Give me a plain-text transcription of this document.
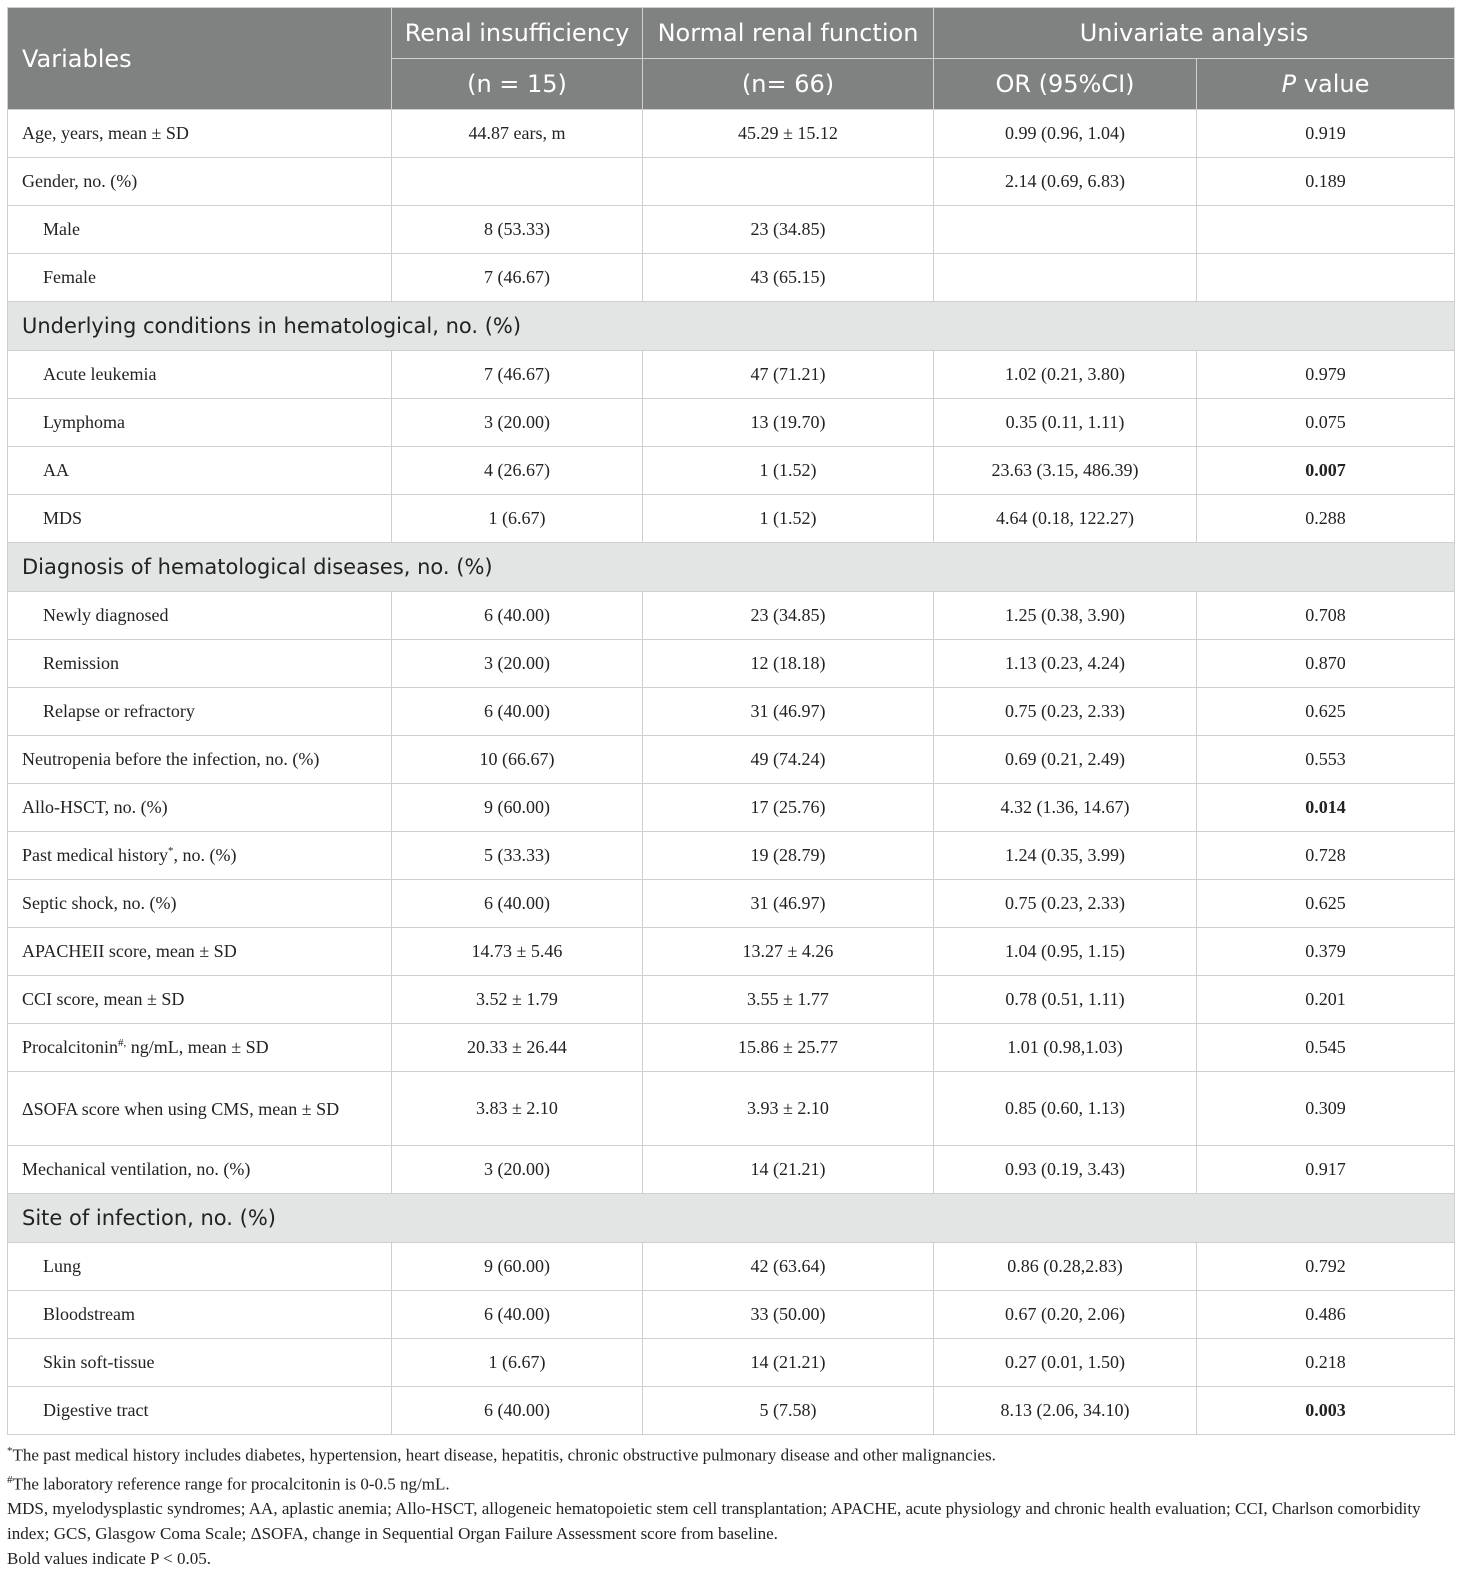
Variables	Renal insufficiency	Normal renal function	Univariate analysis	
	(n = 15)	(n= 66)	OR (95%CI)	P value
Age, years, mean ± SD	44.87 ears, m	45.29 ± 15.12	0.99 (0.96, 1.04)	0.919
Gender, no. (%)			2.14 (0.69, 6.83)	0.189
Male	8 (53.33)	23 (34.85)		
Female	7 (46.67)	43 (65.15)		
Underlying conditions in hematological, no. (%)				
Acute leukemia	7 (46.67)	47 (71.21)	1.02 (0.21, 3.80)	0.979
Lymphoma	3 (20.00)	13 (19.70)	0.35 (0.11, 1.11)	0.075
AA	4 (26.67)	1 (1.52)	23.63 (3.15, 486.39)	0.007
MDS	1 (6.67)	1 (1.52)	4.64 (0.18, 122.27)	0.288
Diagnosis of hematological diseases, no. (%)				
Newly diagnosed	6 (40.00)	23 (34.85)	1.25 (0.38, 3.90)	0.708
Remission	3 (20.00)	12 (18.18)	1.13 (0.23, 4.24)	0.870
Relapse or refractory	6 (40.00)	31 (46.97)	0.75 (0.23, 2.33)	0.625
Neutropenia before the infection, no. (%)	10 (66.67)	49 (74.24)	0.69 (0.21, 2.49)	0.553
Allo-HSCT, no. (%)	9 (60.00)	17 (25.76)	4.32 (1.36, 14.67)	0.014
Past medical history*, no. (%)	5 (33.33)	19 (28.79)	1.24 (0.35, 3.99)	0.728
Septic shock, no. (%)	6 (40.00)	31 (46.97)	0.75 (0.23, 2.33)	0.625
APACHEII score, mean ± SD	14.73 ± 5.46	13.27 ± 4.26	1.04 (0.95, 1.15)	0.379
CCI score, mean ± SD	3.52 ± 1.79	3.55 ± 1.77	0.78 (0.51, 1.11)	0.201
Procalcitonin#, ng/mL, mean ± SD	20.33 ± 26.44	15.86 ± 25.77	1.01 (0.98,1.03)	0.545
ΔSOFA score when using CMS, mean ± SD	3.83 ± 2.10	3.93 ± 2.10	0.85 (0.60, 1.13)	0.309
Mechanical ventilation, no. (%)	3 (20.00)	14 (21.21)	0.93 (0.19, 3.43)	0.917
Site of infection, no. (%)				
Lung	9 (60.00)	42 (63.64)	0.86 (0.28,2.83)	0.792
Bloodstream	6 (40.00)	33 (50.00)	0.67 (0.20, 2.06)	0.486
Skin soft-tissue	1 (6.67)	14 (21.21)	0.27 (0.01, 1.50)	0.218
Digestive tract	6 (40.00)	5 (7.58)	8.13 (2.06, 34.10)	0.003

*The past medical history includes diabetes, hypertension, heart disease, hepatitis, chronic obstructive pulmonary disease and other malignancies.

#The laboratory reference range for procalcitonin is 0-0.5 ng/mL.

MDS, myelodysplastic syndromes; AA, aplastic anemia; Allo-HSCT, allogeneic hematopoietic stem cell transplantation; APACHE, acute physiology and chronic health evaluation; CCI, Charlson comorbidity index; GCS, Glasgow Coma Scale; ΔSOFA, change in Sequential Organ Failure Assessment score from baseline.

Bold values indicate P < 0.05.
